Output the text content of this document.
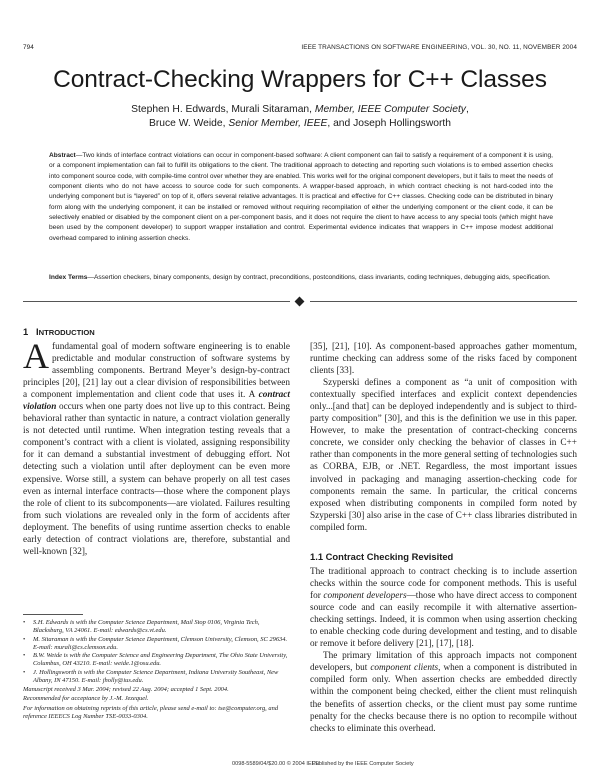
794	IEEE TRANSACTIONS ON SOFTWARE ENGINEERING, VOL. 30, NO. 11, NOVEMBER 2004
Contract-Checking Wrappers for C++ Classes
Stephen H. Edwards, Murali Sitaraman, Member, IEEE Computer Society,
Bruce W. Weide, Senior Member, IEEE, and Joseph Hollingsworth
Abstract—Two kinds of interface contract violations can occur in component-based software: A client component can fail to satisfy a requirement of a component it is using, or a component implementation can fail to fulfill its obligations to the client. The traditional approach to detecting and reporting such violations is to embed assertion checks into component source code, with compile-time control over whether they are enabled. This works well for the original component developers, but it fails to meet the needs of component clients who do not have access to source code for such components. A wrapper-based approach, in which contract checking is not hard-coded into the underlying component but is “layered” on top of it, offers several relative advantages. It is practical and effective for C++ classes. Checking code can be distributed in binary form along with the underlying component, it can be installed or removed without requiring recompilation of either the underlying component or the client code, it can be selectively enabled or disabled by the component client on a per-component basis, and it does not require the client to have access to any special tools (which might have been used by the component developer) to support wrapper installation and control. Experimental evidence indicates that wrappers in C++ impose modest additional overhead compared to inlining assertion checks.
Index Terms—Assertion checkers, binary components, design by contract, preconditions, postconditions, class invariants, coding techniques, debugging aids, specification.
1 INTRODUCTION

Afundamental goal of modern software engineering is to enable predictable and modular construction of software systems by assembling components. Bertrand Meyer’s design-by-contract principles [20], [21] lay out a clear division of responsibilities between a component implementation and client code that uses it. A contract violation occurs when one party does not live up to this contract. Being behavioral rather than syntactic in nature, a contract violation generally is not detected until runtime. When integration testing reveals that a component’s contract with a client is violated, assigning responsibility for it can demand a substantial investment of debugging effort. Not detecting such a violation until after deployment can be even more expensive. Worse still, a system can behave properly on all test cases even as internal interface contracts—those where the component plays the role of client to its subcomponents—are violated. Failures resulting from such violations are revealed only in the form of accidents after deployment. The benefits of using runtime assertion checks to enable early detection of contract violations are, therefore, substantial and well-known [32],

• S.H. Edwards is with the Computer Science Department, Mail Stop 0106, Virginia Tech, Blacksburg, VA 24061. E-mail: edwards@cs.vt.edu.
• M. Sitaraman is with the Computer Science Department, Clemson University, Clemson, SC 29634. E-mail: murali@cs.clemson.edu.
• B.W. Weide is with the Computer Science and Engineering Department, The Ohio State University, Columbus, OH 43210. E-mail: weide.1@osu.edu.
• J. Hollingsworth is with the Computer Science Department, Indiana University Southeast, New Albany, IN 47150. E-mail: jholly@ius.edu.

Manuscript received 3 Mar. 2004; revised 22 Aug. 2004; accepted 1 Sept. 2004.

Recommended for acceptance by J.-M. Jezequel.

For information on obtaining reprints of this article, please send e-mail to: tse@computer.org, and reference IEEECS Log Number TSE-0033-0304.

[35], [21], [10]. As component-based approaches gather momentum, runtime checking can address some of the risks faced by component clients [33].

Szyperski defines a component as “a unit of composition with contextually specified interfaces and explicit context dependencies only...[and that] can be deployed independently and is subject to third-party composition” [30], and this is the definition we use in this paper. However, to make the presentation of contract-checking concerns concrete, we consider only checking the behavior of classes in C++ rather than components in the more general setting of technologies such as CORBA, EJB, or .NET. Regardless, the most important issues involved in packaging and managing assertion-checking code for components remain the same. In particular, the critical concerns exposed when distributing components in compiled form noted by Szyperski [30] also arise in the case of C++ class libraries distributed in compiled form.

1.1 Contract Checking Revisited

The traditional approach to contract checking is to include assertion checks within the source code for component methods. This is useful for component developers—those who have direct access to component source code and can easily recompile it with alternative assertion-checking settings. Indeed, it is common when using assertion checking to enable checking code during development and testing, and to disable or remove it before delivery [21], [17], [18].

The primary limitation of this approach impacts not component developers, but component clients, when a component is distributed in compiled form only. When assertion checks are embedded directly within the component being checked, either the client must relinquish the benefits of assertion checks, or the client must pay some runtime penalty for the checks because there is no option to recompile without checks to eliminate this overhead.

0098-5589/04/$20.00 © 2004 IEEE
Published by the IEEE Computer Society
